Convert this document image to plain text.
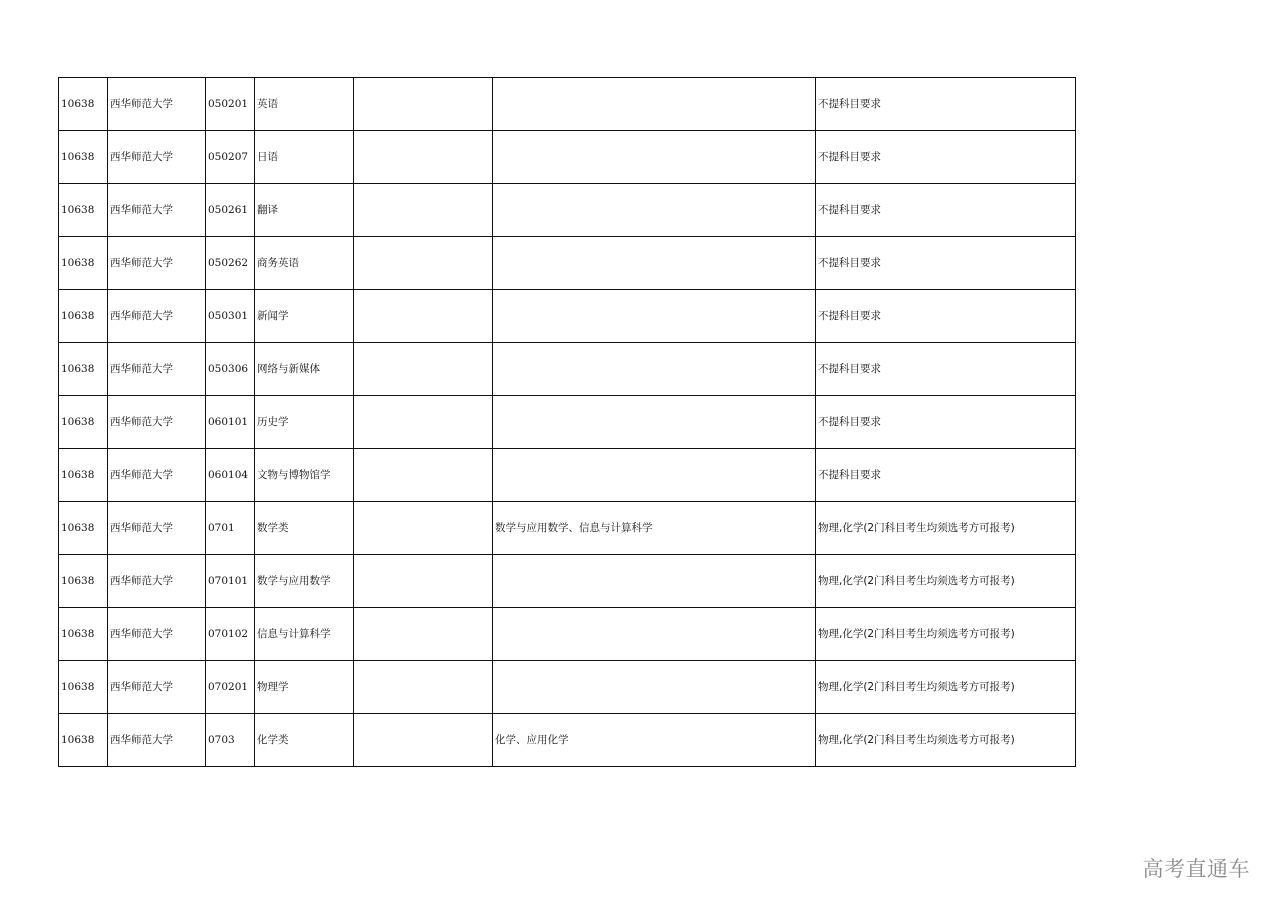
10638	西华师范大学	050201	英语			不提科目要求
10638	西华师范大学	050207	日语			不提科目要求
10638	西华师范大学	050261	翻译			不提科目要求
10638	西华师范大学	050262	商务英语			不提科目要求
10638	西华师范大学	050301	新闻学			不提科目要求
10638	西华师范大学	050306	网络与新媒体			不提科目要求
10638	西华师范大学	060101	历史学			不提科目要求
10638	西华师范大学	060104	文物与博物馆学			不提科目要求
10638	西华师范大学	0701	数学类		数学与应用数学、信息与计算科学	物理,化学(2门科目考生均须选考方可报考)
10638	西华师范大学	070101	数学与应用数学			物理,化学(2门科目考生均须选考方可报考)
10638	西华师范大学	070102	信息与计算科学			物理,化学(2门科目考生均须选考方可报考)
10638	西华师范大学	070201	物理学			物理,化学(2门科目考生均须选考方可报考)
10638	西华师范大学	0703	化学类		化学、应用化学	物理,化学(2门科目考生均须选考方可报考)
高考直通车
